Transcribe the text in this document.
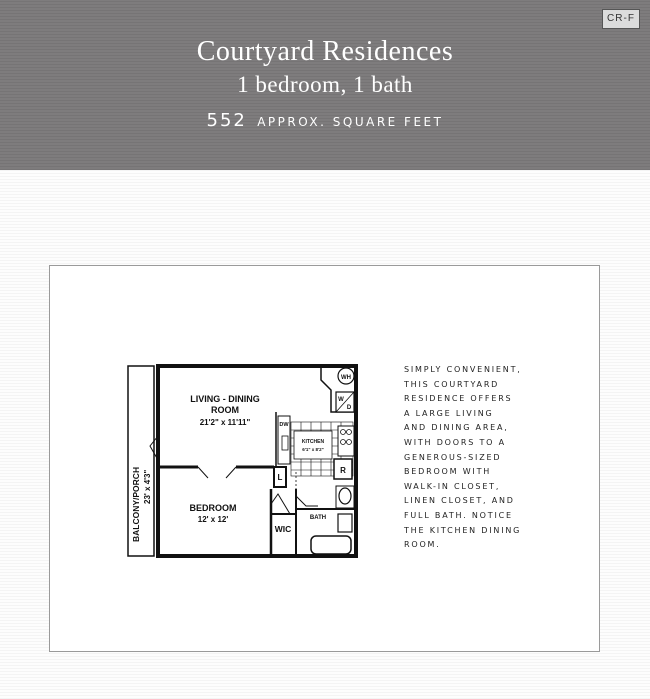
CR-F
Courtyard Residences
1 bedroom, 1 bath
552 APPROX. SQUARE FEET
BALCONY/PORCH 23' x 4'3"
LIVING - DINING
ROOM
21'2" x 11'11"
BEDROOM
12' x 12'
KITCHEN
6'1" x 8'2"
WH
W
D
DW
R
L
WIC
BATH
SIMPLY CONVENIENT,
THIS COURTYARD
RESIDENCE OFFERS
A LARGE LIVING
AND DINING AREA,
WITH DOORS TO A
GENEROUS-SIZED
BEDROOM WITH
WALK-IN CLOSET,
LINEN CLOSET, AND
FULL BATH. NOTICE
THE KITCHEN DINING
ROOM.
